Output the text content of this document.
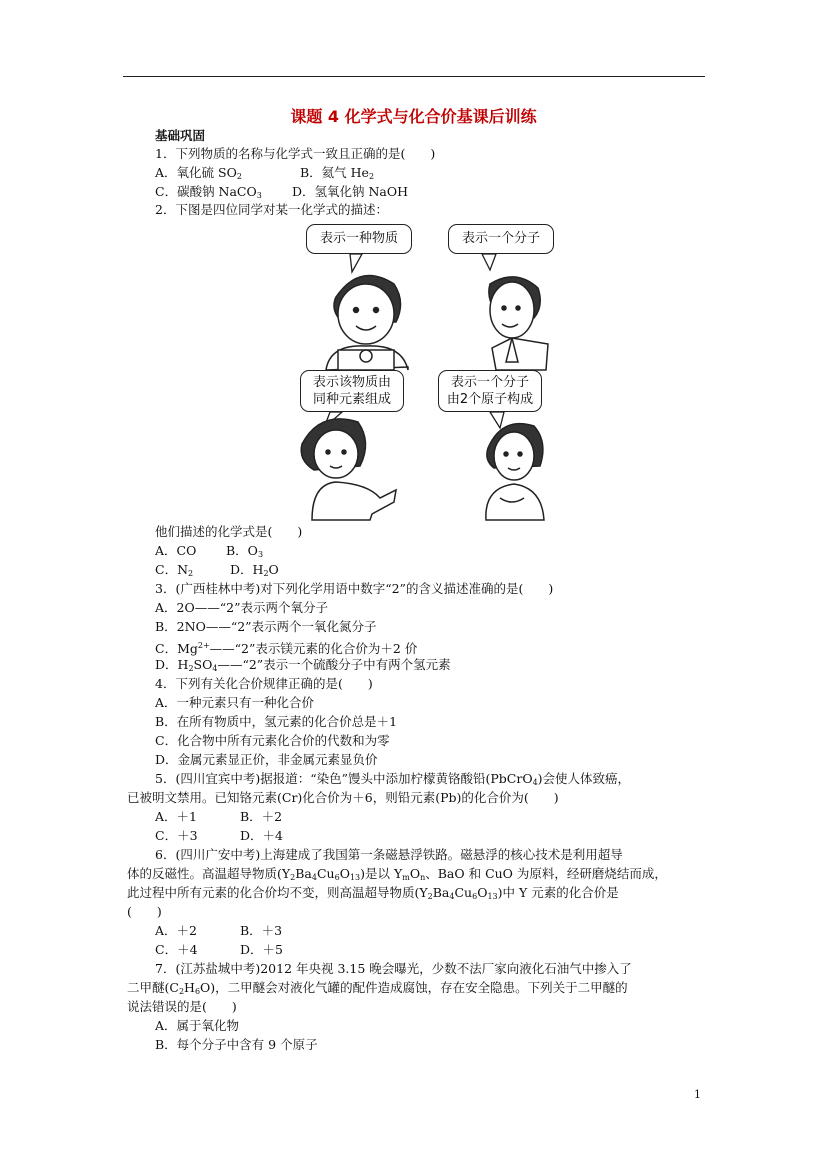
课题 4 化学式与化合价基课后训练
基础巩固
1．下列物质的名称与化学式一致且正确的是(　　)
A．氧化硫 $SO_2$	B．氦气 $He_2$
C．碳酸钠 NaCO$_3$ D．氢氧化钠 NaOH
2．下图是四位同学对某一化学式的描述：
表示一种物质	表示一个分子
表示该物质由
同种元素组成
表示一个分子
由2个原子构成
他们描述的化学式是(　　)
A．CO B．$O_3$
C．$N_2$	D．$H_2O$
3．(广西桂林中考)对下列化学用语中数字“2”的含义描述准确的是(　　)
A．2O——“2”表示两个氧分子
B．2NO——“2”表示两个一氧化氮分子
C．$Mg^{2+}——“2$”表示镁元素的化合价为＋2 价
D．$H_2SO_4——“2$”表示一个硫酸分子中有两个氢元素
4．下列有关化合价规律正确的是(　　)
A．一种元素只有一种化合价
B．在所有物质中，氢元素的化合价总是＋1
C．化合物中所有元素化合价的代数和为零
D．金属元素显正价，非金属元素显负价
5．(四川宜宾中考)据报道：“染色”馒头中添加柠檬黄铬酸铅(PbCrO$_4$)会使人体致癌，
已被明文禁用。已知铬元素(Cr)化合价为＋6，则铅元素(Pb)的化合价为(　　)
A．＋1	B．＋2
C．＋3	D．＋4
6．(四川广安中考)上海建成了我国第一条磁悬浮铁路。磁悬浮的核心技术是利用超导
体的反磁性。高温超导物质$(Y_2Ba_4Cu_6O_{13})$是以 $Y_mO_n$、BaO 和 CuO 为原料，经研磨烧结而成，
此过程中所有元素的化合价均不变，则高温超导物质$(Y_2Ba_4Cu_6O_{13})$中 Y 元素的化合价是
(　　)
A．＋2	B．＋3
C．＋4	D．＋5
7．(江苏盐城中考)2012 年央视 3.15 晚会曝光，少数不法厂家向液化石油气中掺入了
二甲醚$(C_2H_6O)$，二甲醚会对液化气罐的配件造成腐蚀，存在安全隐患。下列关于二甲醚的
说法错误的是(　　)
A．属于氧化物
B．每个分子中含有 9 个原子
1
